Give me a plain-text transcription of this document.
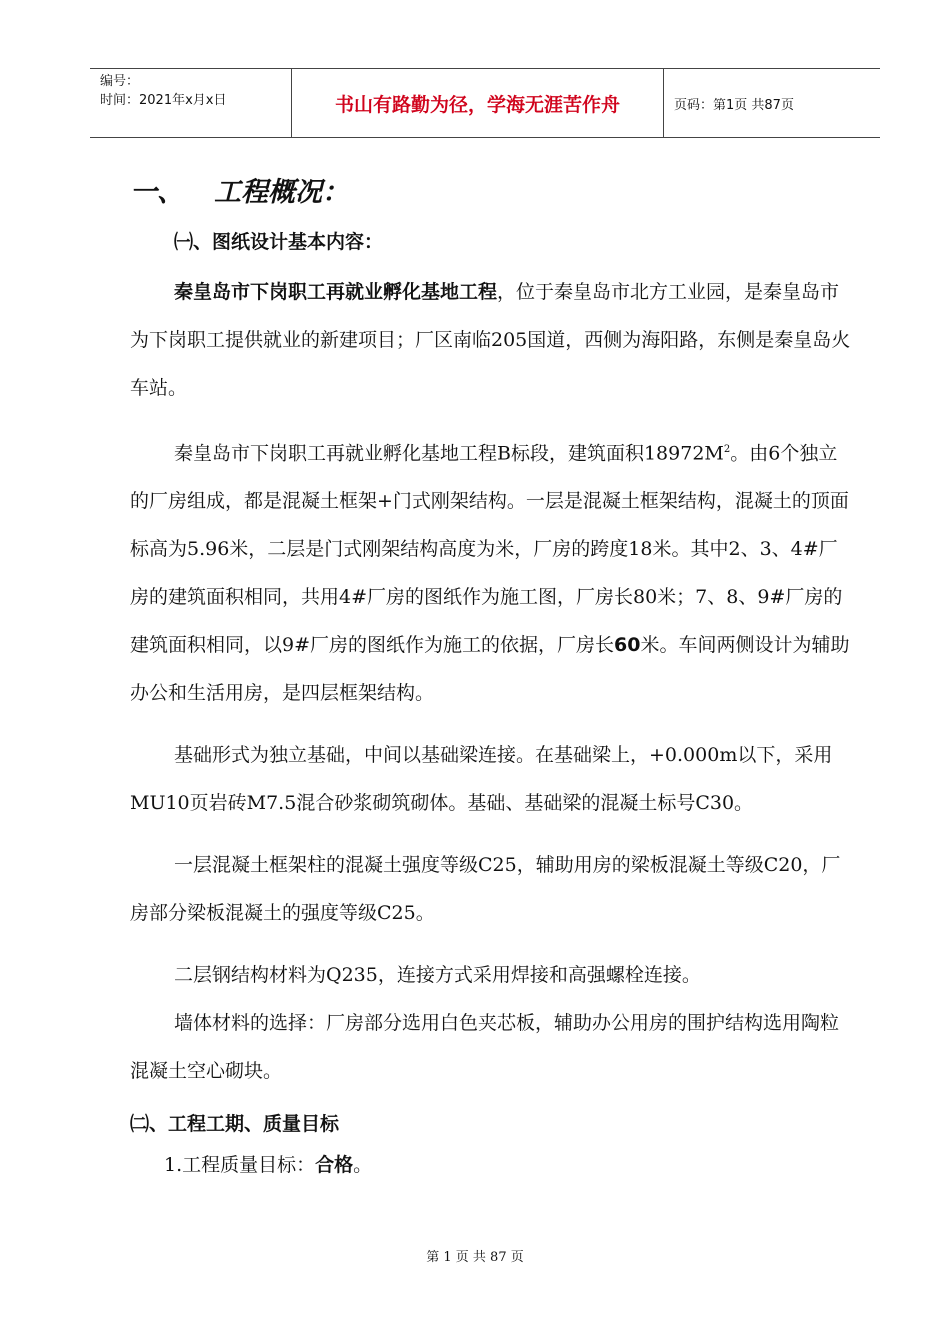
编号：
时间：2021年x月x日	书山有路勤为径，学海无涯苦作舟	页码：第1页 共87页
一、 工程概况：
㈠、图纸设计基本内容：

秦皇岛市下岗职工再就业孵化基地工程，位于秦皇岛市北方工业园，是秦皇岛市为下岗职工提供就业的新建项目；厂区南临205国道，西侧为海阳路，东侧是秦皇岛火车站。

秦皇岛市下岗职工再就业孵化基地工程B标段，建筑面积$18972M^2$。由6个独立的厂房组成，都是混凝土框架+门式刚架结构。一层是混凝土框架结构，混凝土的顶面标高为5.96米，二层是门式刚架结构高度为米，厂房的跨度18米。其中2、3、4#厂房的建筑面积相同，共用4#厂房的图纸作为施工图，厂房长80米；7、8、9#厂房的建筑面积相同，以9#厂房的图纸作为施工的依据，厂房长60米。车间两侧设计为辅助办公和生活用房，是四层框架结构。

基础形式为独立基础，中间以基础梁连接。在基础梁上，+0.000m以下，采用MU10页岩砖M7.5混合砂浆砌筑砌体。基础、基础梁的混凝土标号C30。

一层混凝土框架柱的混凝土强度等级C25，辅助用房的梁板混凝土等级C20，厂房部分梁板混凝土的强度等级C25。

二层钢结构材料为Q235，连接方式采用焊接和高强螺栓连接。

墙体材料的选择：厂房部分选用白色夹芯板，辅助办公用房的围护结构选用陶粒混凝土空心砌块。

㈡、工程工期、质量目标
1.工程质量目标：合格。
第 1 页 共 87 页
